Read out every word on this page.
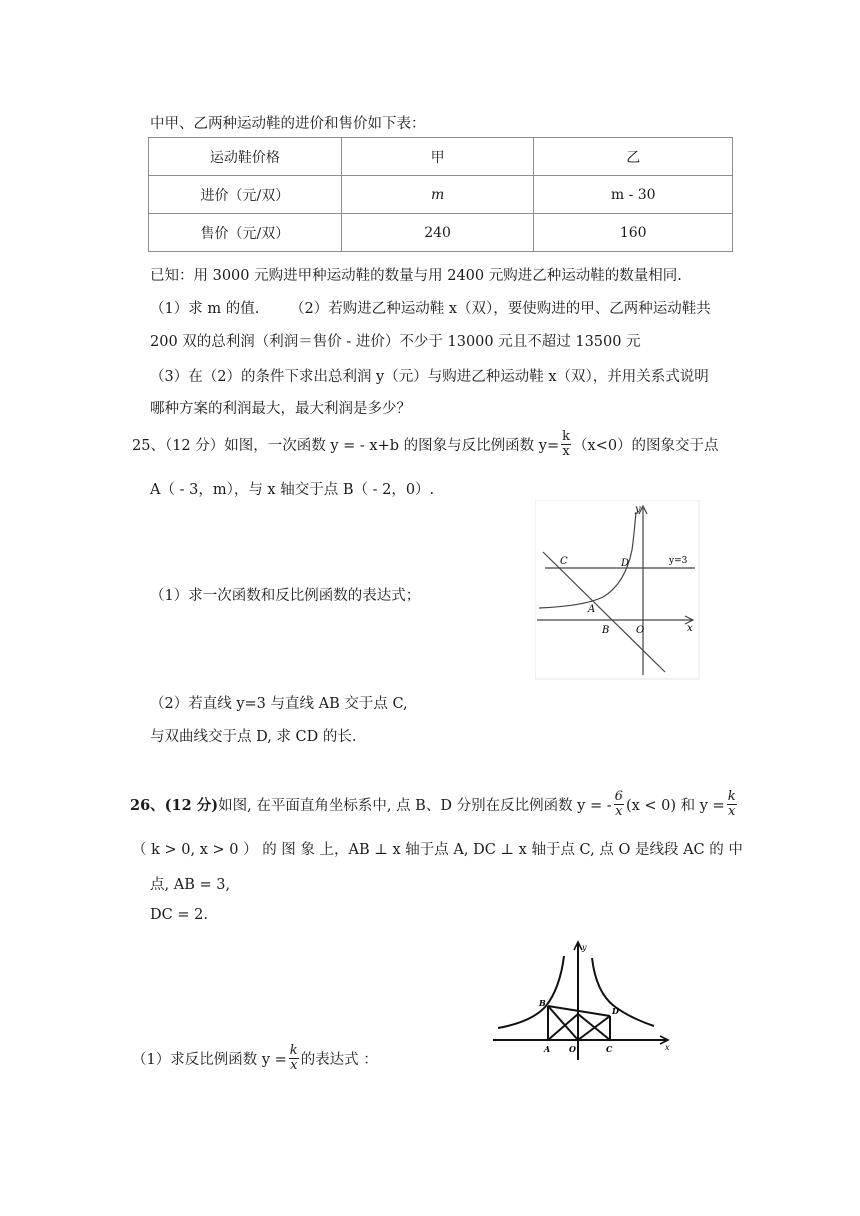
中甲、乙两种运动鞋的进价和售价如下表：
运动鞋价格	甲	乙
进价（元/双）	m	m - 30
售价（元/双）	240	160
已知：用 3000 元购进甲种运动鞋的数量与用 2400 元购进乙种运动鞋的数量相同.
（1）求 m 的值. （2）若购进乙种运动鞋 x（双），要使购进的甲、乙两种运动鞋共
200 双的总利润（利润＝售价 - 进价）不少于 13000 元且不超过 13500 元
（3）在（2）的条件下求出总利润 y（元）与购进乙种运动鞋 x（双），并用关系式说明
哪种方案的利润最大，最大利润是多少？
25、（12 分）如图，一次函数 y = - x+b 的图象与反比例函数 $y= \frac{k}{x} (x<0)$的图象交于点
A（ - 3，m），与 x 轴交于点 B（ - 2，0）.
（1）求一次函数和反比例函数的表达式；
（2）若直线 y=3 与直线 AB 交于点 C,
与双曲线交于点 D, 求 CD 的长.
y
x
y=3
C	D
A
B	O
26、(12 分) 如图, 在平面直角坐标系中, 点 B、D 分别在反比例函数 y = - $\frac{6}{x} (x < 0)$ 和 $y = \frac{k}{x}$
（ k > 0, x > 0 ） 的 图 象 上，AB ⊥ x 轴于点 A, DC ⊥ x 轴于点 C, 点 O 是线段 AC 的 中
点, AB = 3,
DC = 2.
（1）求反比例函数 $y = \frac{k}{x}$ 的表达式 ：
y
x
B
D
A O	C
